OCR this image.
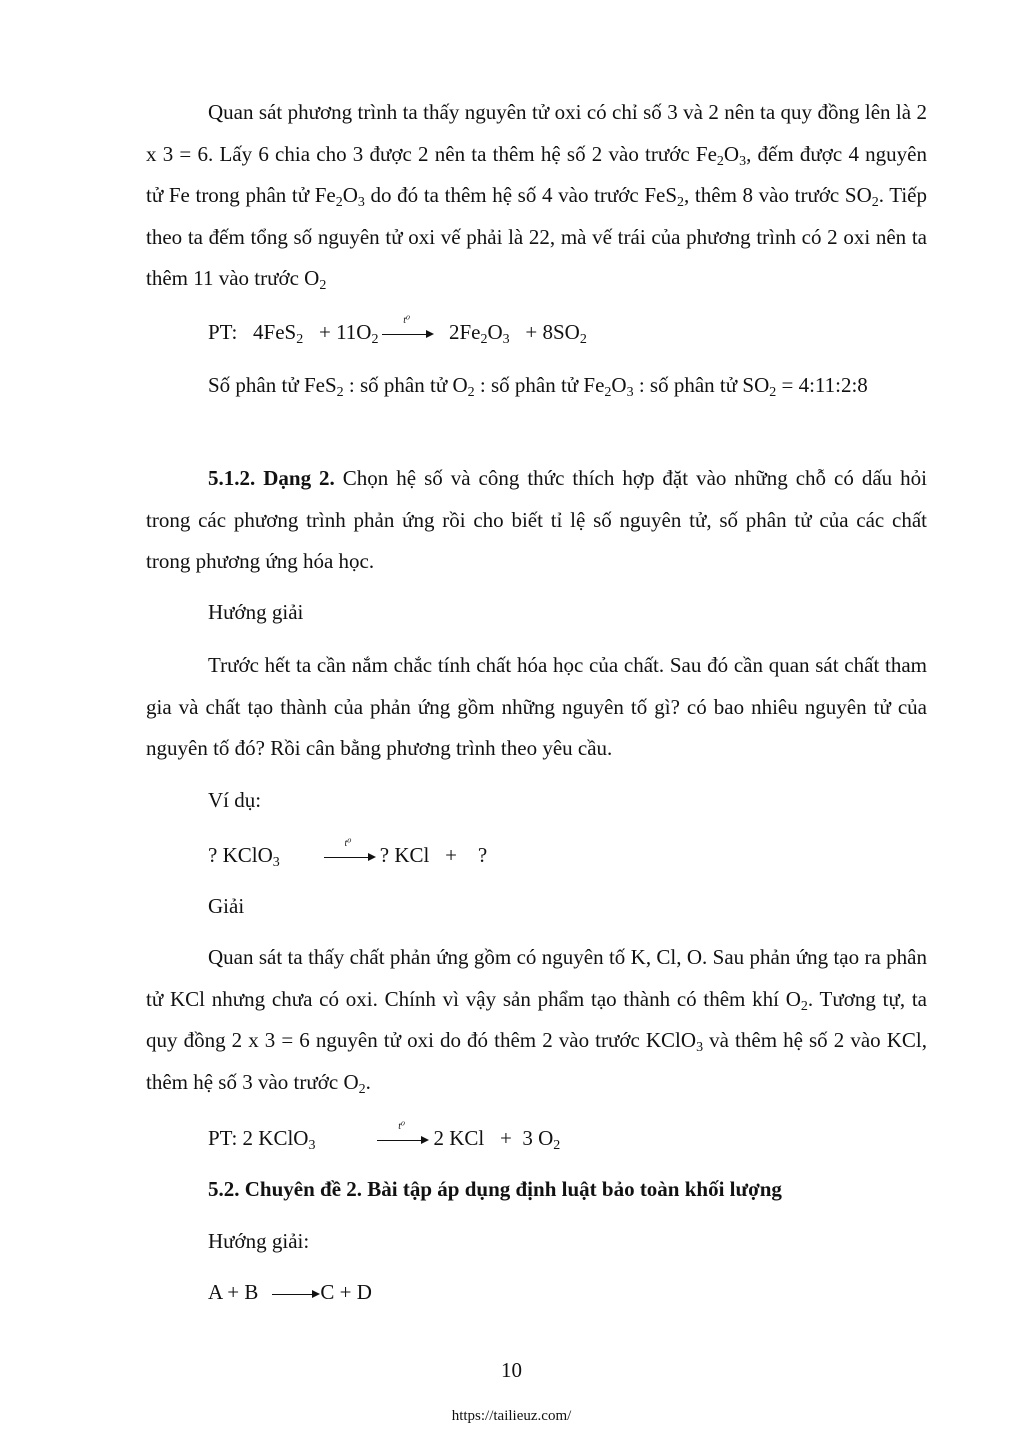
Quan sát phương trình ta thấy nguyên tử oxi có chỉ số 3 và 2 nên ta quy đồng lên là 2 x 3 = 6. Lấy 6 chia cho 3 được 2 nên ta thêm hệ số 2 vào trước $Fe_2O_3$, đếm được 4 nguyên tử Fe trong phân tử $Fe_2O_3$ do đó ta thêm hệ số 4 vào trước FeS$_2$, thêm 8 vào trước $SO_2$. Tiếp theo ta đếm tổng số nguyên tử oxi vế phải là 22, mà vế trái của phương trình có 2 oxi nên ta thêm 11 vào trước $O_2$
PT:   $4FeS_2 + 11O_2$
t⁰ $2Fe_2O_3 + 8SO_2$
Số phân tử FeS$_2$ : số phân tử $O_2$ : số phân tử $Fe_2O_3$ : số phân tử $SO_2$ = 4:11:2:8
5.1.2. Dạng 2. Chọn hệ số và công thức thích hợp đặt vào những chỗ có dấu hỏi trong các phương trình phản ứng rồi cho biết tỉ lệ số nguyên tử, số phân tử của các chất trong phương ứng hóa học.
Hướng giải
Trước hết ta cần nắm chắc tính chất hóa học của chất. Sau đó cần quan sát chất tham gia và chất tạo thành của phản ứng gồm những nguyên tố gì? có bao nhiêu nguyên tử của nguyên tố đó? Rồi cân bằng phương trình theo yêu cầu.
Ví dụ:
? KClO$_3$
t⁰ ? KCl   +    ?
Giải
Quan sát ta thấy chất phản ứng gồm có nguyên tố K, Cl, O. Sau phản ứng tạo ra phân tử KCl nhưng chưa có oxi. Chính vì vậy sản phẩm tạo thành có thêm khí $O_2$. Tương tự, ta quy đồng 2 x 3 = 6 nguyên tử oxi do đó thêm 2 vào trước KClO$_3$ và thêm hệ số 2 vào KCl, thêm hệ số 3 vào trước $O_2$.
PT: 2 KClO$_3$
t⁰ 2 KCl   +  3 $O_2$
5.2. Chuyên đề 2. Bài tập áp dụng định luật bảo toàn khối lượng
Hướng giải:
A + B	C + D
10
https://tailieuz.com/
